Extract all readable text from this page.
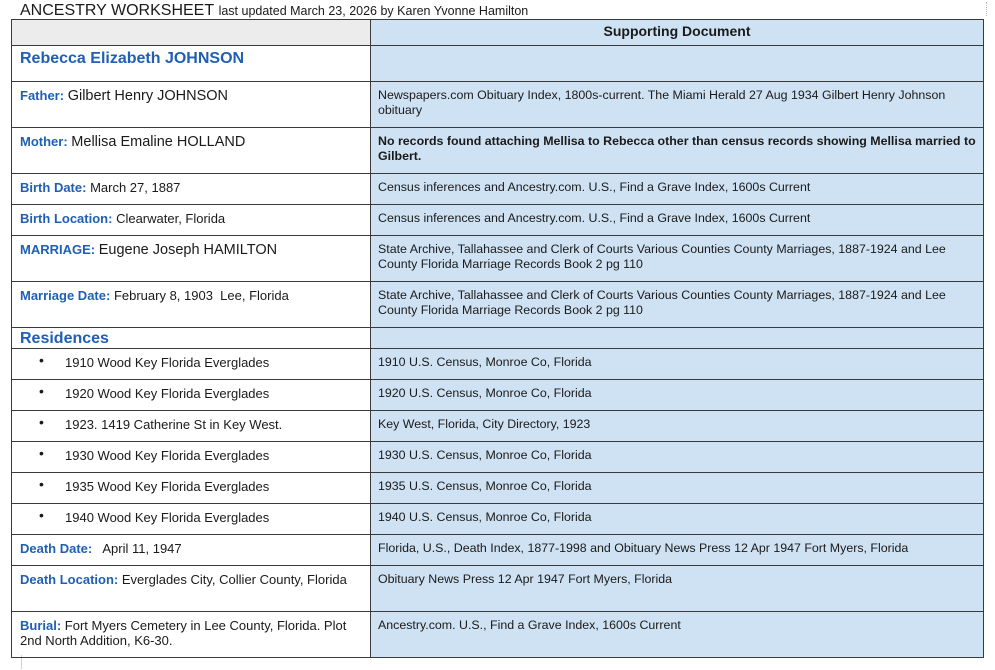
ANCESTRY WORKSHEET last updated March 23, 2026 by Karen Yvonne Hamilton
	Supporting Document

Rebecca Elizabeth JOHNSON	

Father: Gilbert Henry JOHNSON	Newspapers.com Obituary Index, 1800s-current. The Miami Herald 27 Aug 1934 Gilbert Henry Johnson obituary

Mother: Mellisa Emaline HOLLAND	No records found attaching Mellisa to Rebecca other than census records showing Mellisa married to Gilbert.

Birth Date: March 27, 1887	Census inferences and Ancestry.com. U.S., Find a Grave Index, 1600s Current

Birth Location: Clearwater, Florida	Census inferences and Ancestry.com. U.S., Find a Grave Index, 1600s Current

MARRIAGE: Eugene Joseph HAMILTON	State Archive, Tallahassee and Clerk of Courts Various Counties County Marriages, 1887-1924 and Lee County Florida Marriage Records Book 2 pg 110

Marriage Date: February 8, 1903  Lee, Florida	State Archive, Tallahassee and Clerk of Courts Various Counties County Marriages, 1887-1924 and Lee County Florida Marriage Records Book 2 pg 110

Residences	

• 1910 Wood Key Florida Everglades	1910 U.S. Census, Monroe Co, Florida

• 1920 Wood Key Florida Everglades	1920 U.S. Census, Monroe Co, Florida

• 1923. 1419 Catherine St in Key West.	Key West, Florida, City Directory, 1923

• 1930 Wood Key Florida Everglades	1930 U.S. Census, Monroe Co, Florida

• 1935 Wood Key Florida Everglades	1935 U.S. Census, Monroe Co, Florida

• 1940 Wood Key Florida Everglades	1940 U.S. Census, Monroe Co, Florida

Death Date:   April 11, 1947	Florida, U.S., Death Index, 1877-1998 and Obituary News Press 12 Apr 1947 Fort Myers, Florida

Death Location: Everglades City, Collier County, Florida	Obituary News Press 12 Apr 1947 Fort Myers, Florida

Burial: Fort Myers Cemetery in Lee County, Florida. Plot 2nd North Addition, K6-30.	Ancestry.com. U.S., Find a Grave Index, 1600s Current
